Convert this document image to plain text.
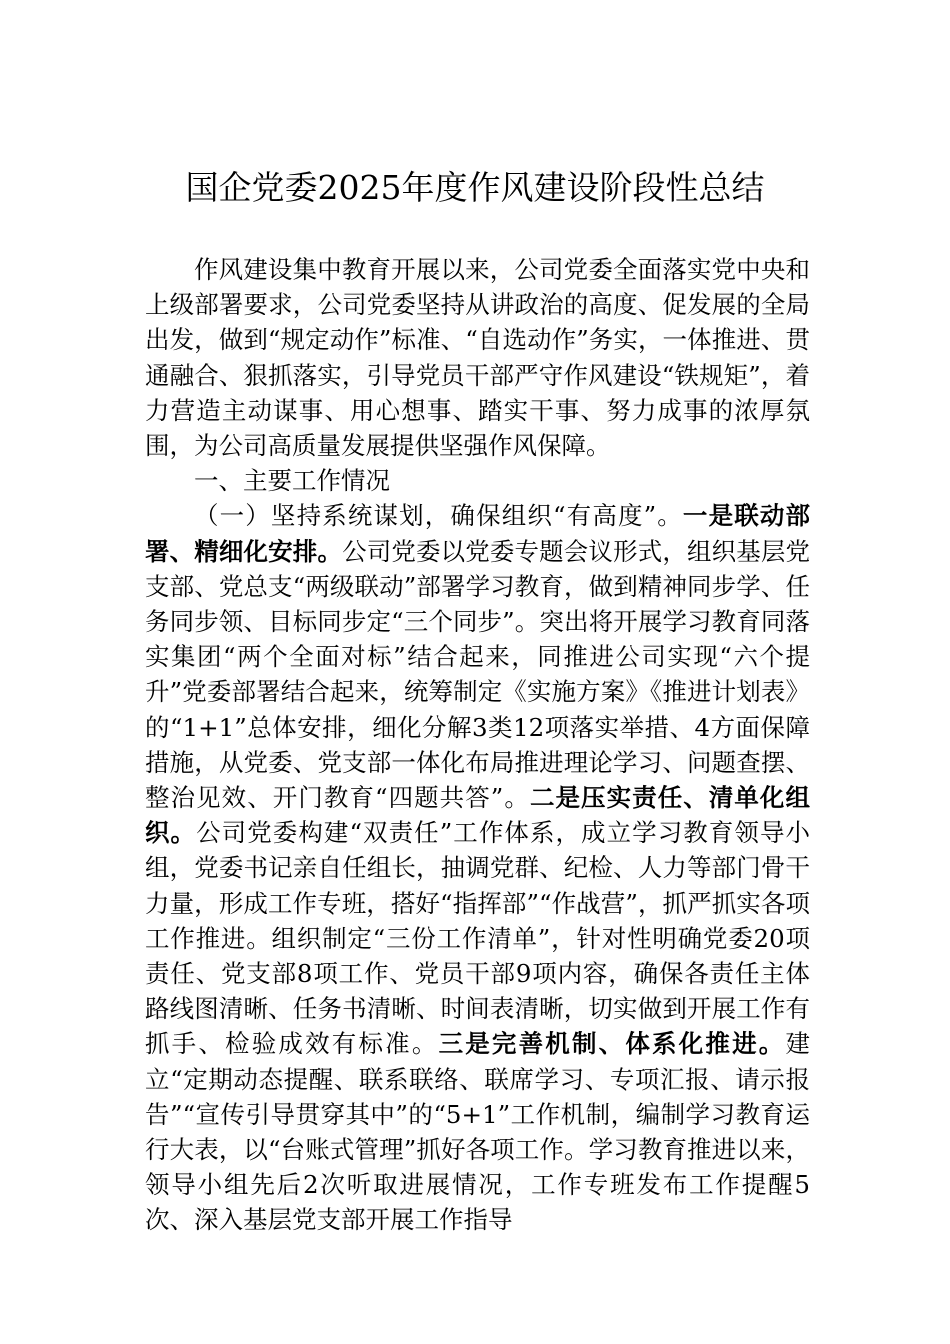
国企党委2025年度作风建设阶段性总结

作风建设集中教育开展以来，公司党委全面落实党中央和上级部署要求，公司党委坚持从讲政治的高度、促发展的全局出发，做到“规定动作”标准、“自选动作”务实，一体推进、贯通融合、狠抓落实，引导党员干部严守作风建设“铁规矩”，着力营造主动谋事、用心想事、踏实干事、努力成事的浓厚氛围，为公司高质量发展提供坚强作风保障。

一、主要工作情况

（一）坚持系统谋划，确保组织“有高度”。一是联动部署、精细化安排。公司党委以党委专题会议形式，组织基层党支部、党总支“两级联动”部署学习教育，做到精神同步学、任务同步领、目标同步定“三个同步”。突出将开展学习教育同落实集团“两个全面对标”结合起来，同推进公司实现“六个提升”党委部署结合起来，统筹制定《实施方案》《推进计划表》的“1+1”总体安排，细化分解3类12项落实举措、4方面保障措施，从党委、党支部一体化布局推进理论学习、问题查摆、整治见效、开门教育“四题共答”。二是压实责任、清单化组织。公司党委构建“双责任”工作体系，成立学习教育领导小组，党委书记亲自任组长，抽调党群、纪检、人力等部门骨干力量，形成工作专班，搭好“指挥部”“作战营”，抓严抓实各项工作推进。组织制定“三份工作清单”，针对性明确党委20项责任、党支部8项工作、党员干部9项内容，确保各责任主体路线图清晰、任务书清晰、时间表清晰，切实做到开展工作有抓手、检验成效有标准。三是完善机制、体系化推进。建立“定期动态提醒、联系联络、联席学习、专项汇报、请示报告”“宣传引导贯穿其中”的“5+1”工作机制，编制学习教育运行大表，以“台账式管理”抓好各项工作。学习教育推进以来，领导小组先后2次听取进展情况，工作专班发布工作提醒5次、深入基层党支部开展工作指导
